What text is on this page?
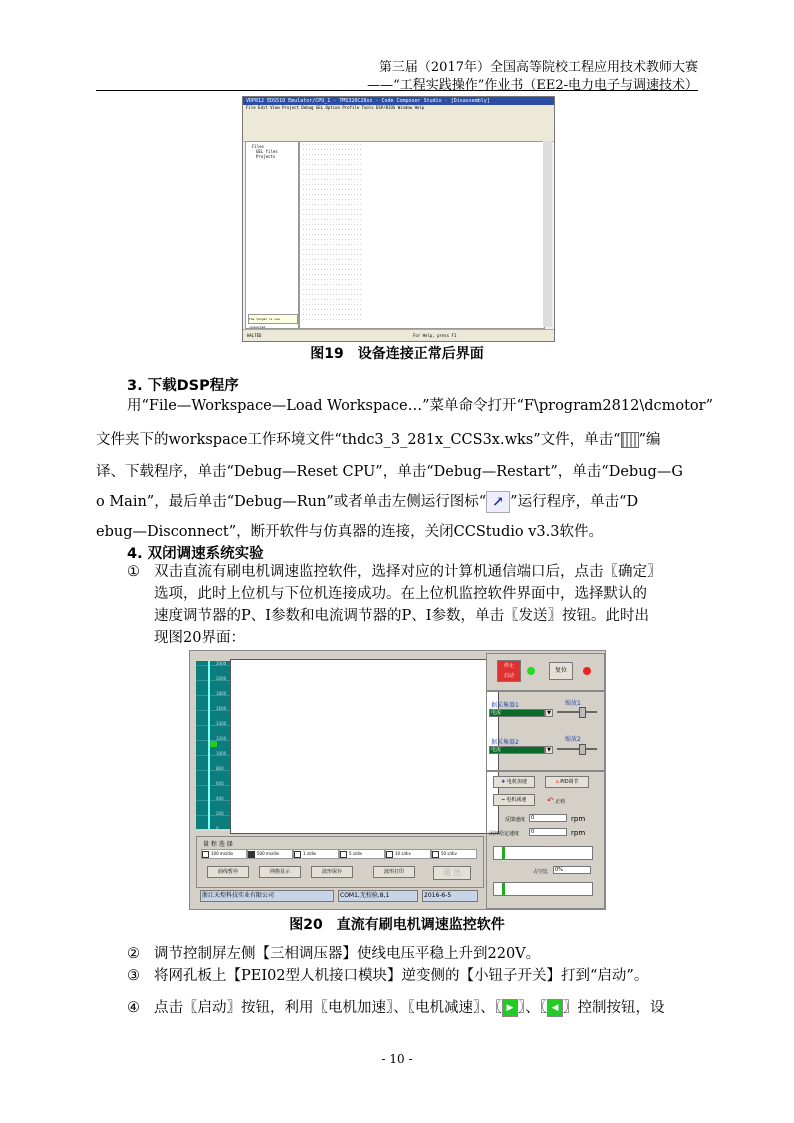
第三届（2017年）全国高等院校工程应用技术教师大赛
——“工程实践操作”作业书（EE2-电力电子与调速技术）
VDP812 EDS510 Emulator/CPU_1 - TMS320C28xx - Code Composer Studio - [Disassembly]
File Edit View Project Debug GEL Option Profile Tools DSP/BIOS Window Help
Files
GEL files
Projects
The target is now connected
HALTED	For Help, press F1
图19　设备连接正常后界面
3. 下载DSP程序
用“File—Workspace—Load Workspace…”菜单命令打开“F\program2812\dcmotor”
文件夹下的workspace工作环境文件“thdc3_3_281x_CCS3x.wks”文件，单击“ ”编
译、下载程序，单击“Debug—Reset CPU”，单击“Debug—Restart”，单击“Debug—G
o Main”，最后单击“Debug—Run”或者单击左侧运行图标“ ↗ ”运行程序，单击“D
ebug—Disconnect”，断开软件与仿真器的连接，关闭CCStudio v3.3软件。
4. 双闭调速系统实验
① 双击直流有刷电机调速监控软件，选择对应的计算机通信端口后，点击〖确定〗
选项，此时上位机与下位机连接成功。在上位机监控软件界面中，选择默认的
速度调节器的P、I参数和电流调节器的P、I参数，单击〖发送〗按钮。此时出
现图20界面：
2000
2000
1800
1600
1400
1200
1000
800
600
400
200
0
量 程 选 择
100 ms/div	500 ms/div	1 s/div	5 s/div	10 s/div	50 s/div
曲线暂停	网格显示	波形保存	波形打印	退 出
浙江天煌科技实业有限公司	COM1,无校验,8,1	2016-6-5
停止
启动
复位
据采集器1
电流	▼
缩放1
据采集器2
电流	▼
缩放2
✚ 电机加速	⌂ PID调节
━ 电机减速	↶ 正转
反馈速度	0	rpm
闭环给定速度	0	rpm
占空比	0%
图20　直流有刷电机调速监控软件
② 调节控制屏左侧【三相调压器】使线电压平稳上升到220V。
③ 将网孔板上【PEI02型人机接口模块】逆变侧的【小钮子开关】打到“启动”。
④ 点击〖启动〗按钮，利用〖电机加速〗、〖电机减速〗、〖 ▶ 〗、〖 ◀ 〗控制按钮，设
- 10 -
